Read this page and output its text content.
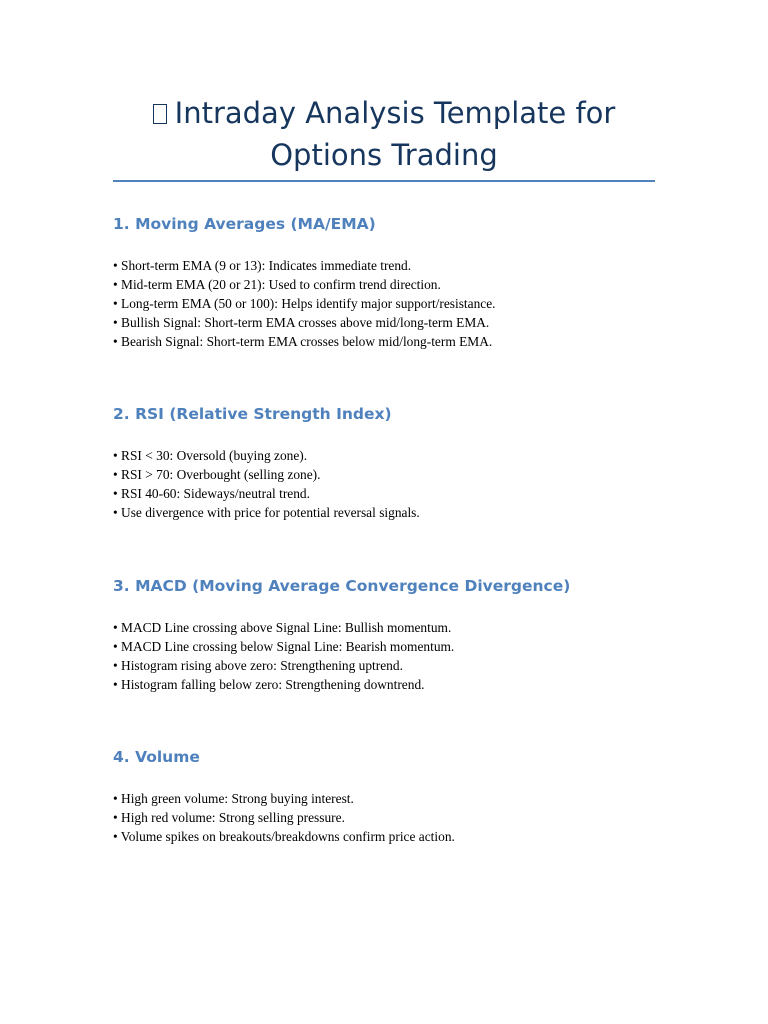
Intraday Analysis Template for
Options Trading
1. Moving Averages (MA/EMA)
• Short-term EMA (9 or 13): Indicates immediate trend.
• Mid-term EMA (20 or 21): Used to confirm trend direction.
• Long-term EMA (50 or 100): Helps identify major support/resistance.
• Bullish Signal: Short-term EMA crosses above mid/long-term EMA.
• Bearish Signal: Short-term EMA crosses below mid/long-term EMA.
2. RSI (Relative Strength Index)
• RSI < 30: Oversold (buying zone).
• RSI > 70: Overbought (selling zone).
• RSI 40-60: Sideways/neutral trend.
• Use divergence with price for potential reversal signals.
3. MACD (Moving Average Convergence Divergence)
• MACD Line crossing above Signal Line: Bullish momentum.
• MACD Line crossing below Signal Line: Bearish momentum.
• Histogram rising above zero: Strengthening uptrend.
• Histogram falling below zero: Strengthening downtrend.
4. Volume
• High green volume: Strong buying interest.
• High red volume: Strong selling pressure.
• Volume spikes on breakouts/breakdowns confirm price action.
